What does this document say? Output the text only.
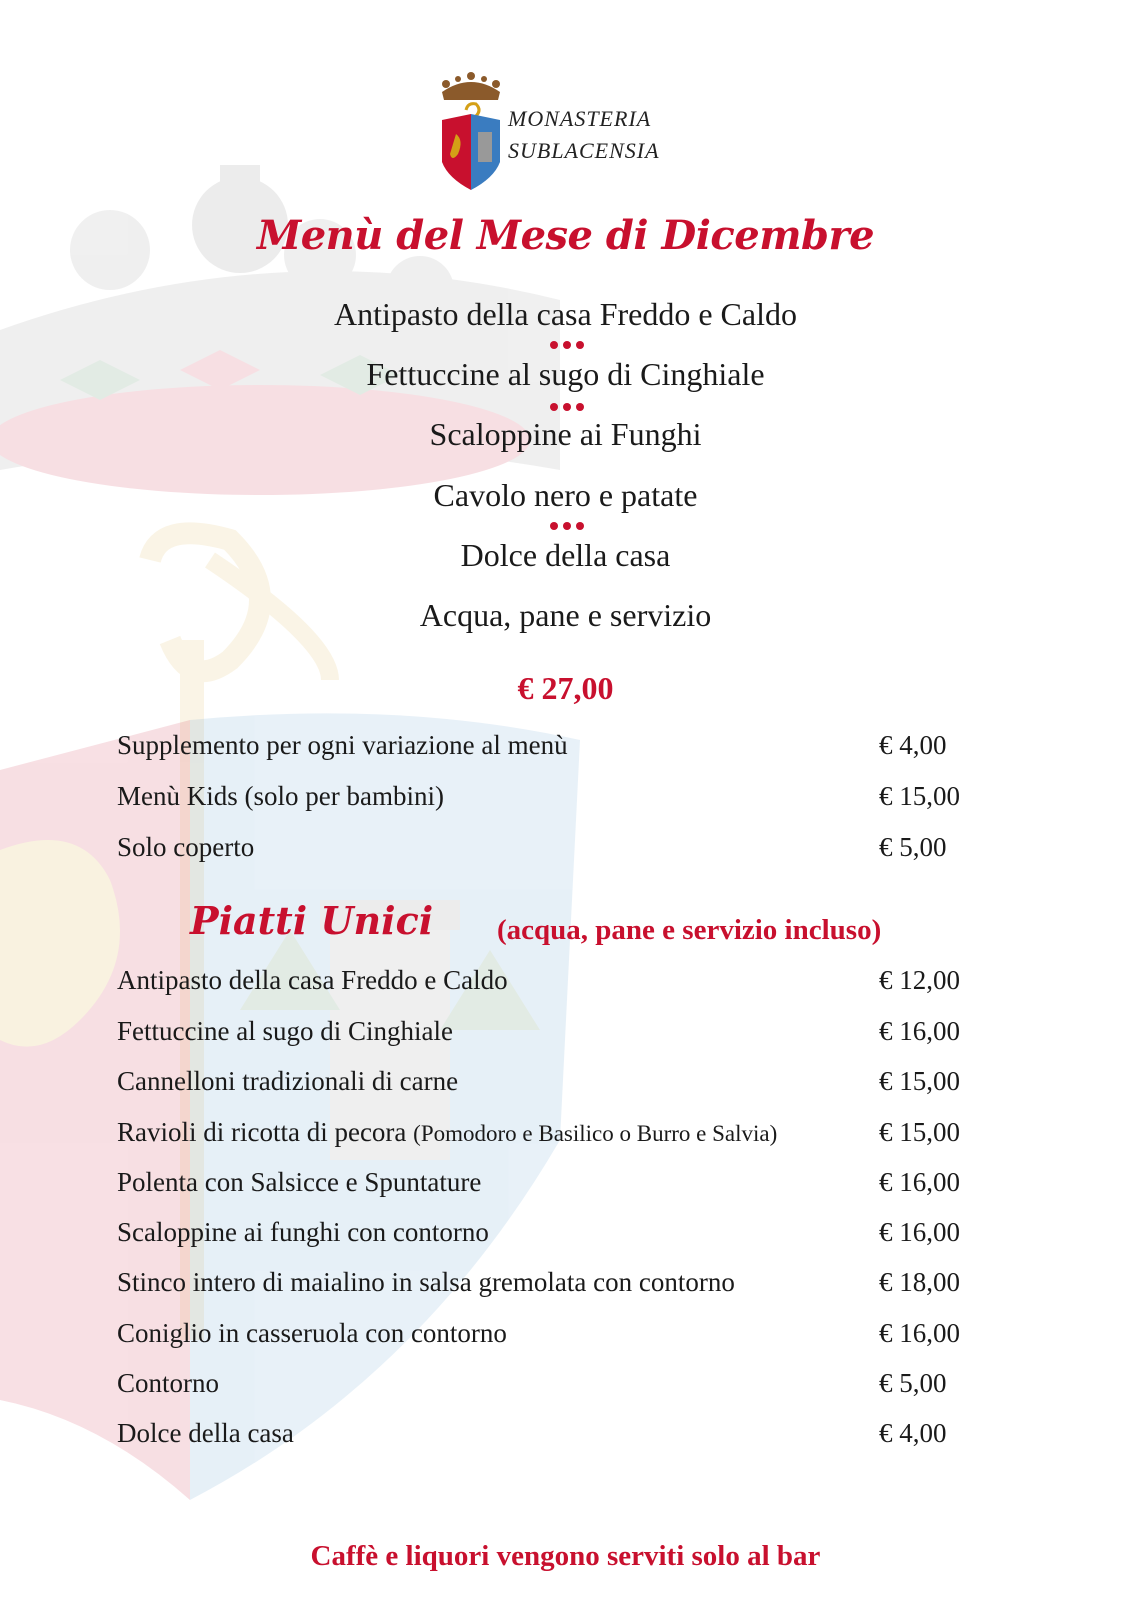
MONASTERIA
SUBLACENSIA
Menù del Mese di Dicembre
Antipasto della casa Freddo e Caldo
Fettuccine al sugo di Cinghiale
Scaloppine ai Funghi
Cavolo nero e patate
Dolce della casa
Acqua, pane e servizio
€ 27,00
Supplemento per ogni variazione al menù	€ 4,00
Menù Kids (solo per bambini)	€ 15,00
Solo coperto	€ 5,00
Piatti Unici (acqua, pane e servizio incluso)
Antipasto della casa Freddo e Caldo	€ 12,00
Fettuccine al sugo di Cinghiale	€ 16,00
Cannelloni tradizionali di carne	€ 15,00
Ravioli di ricotta di pecora (Pomodoro e Basilico o Burro e Salvia)	€ 15,00
Polenta con Salsicce e Spuntature	€ 16,00
Scaloppine ai funghi con contorno	€ 16,00
Stinco intero di maialino in salsa gremolata con contorno	€ 18,00
Coniglio in casseruola con contorno	€ 16,00
Contorno	€ 5,00
Dolce della casa	€ 4,00
Caffè e liquori vengono serviti solo al bar
